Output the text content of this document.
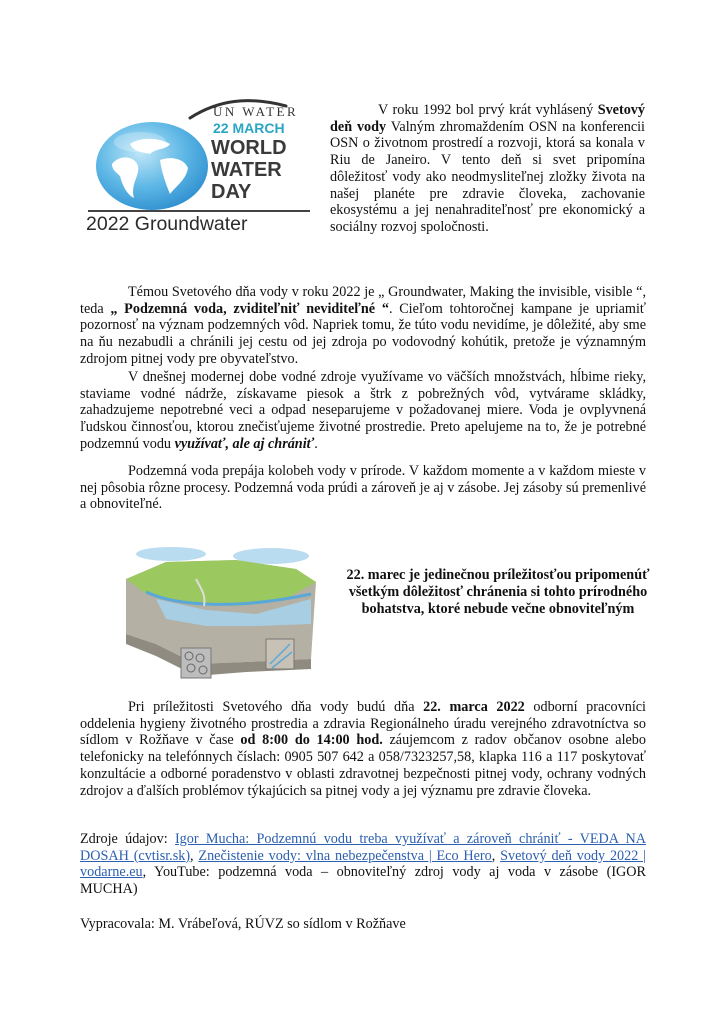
UN WATER
22 MARCH
WORLD
WATER
DAY
2022 Groundwater

V roku 1992 bol prvý krát vyhlásený Svetový deň vody Valným zhromaždením OSN na konferencii OSN o životnom prostredí a rozvoji, ktorá sa konala v Riu de Janeiro. V tento deň si svet pripomína dôležitosť vody ako neodmysliteľnej zložky života na našej planéte pre zdravie človeka, zachovanie ekosystému a jej nenahraditeľnosť pre ekonomický a sociálny rozvoj spoločnosti.

Témou Svetového dňa vody v roku 2022 je „ Groundwater, Making the invisible, visible “, teda „ Podzemná voda, zviditeľniť neviditeľné “. Cieľom tohtoročnej kampane je upriamiť pozornosť na význam podzemných vôd. Napriek tomu, že túto vodu nevidíme, je dôležité, aby sme na ňu nezabudli a chránili jej cestu od jej zdroja po vodovodný kohútik, pretože je významným zdrojom pitnej vody pre obyvateľstvo.

V dnešnej modernej dobe vodné zdroje využívame vo väčších množstvách, hĺbime rieky, staviame vodné nádrže, získavame piesok a štrk z pobrežných vôd, vytvárame skládky, zahadzujeme nepotrebné veci a odpad neseparujeme v požadovanej miere. Voda je ovplyvnená ľudskou činnosťou, ktorou znečisťujeme životné prostredie. Preto apelujeme na to, že je potrebné podzemnú vodu využívať, ale aj chrániť.

Podzemná voda prepája kolobeh vody v prírode. V každom momente a v každom mieste v nej pôsobia rôzne procesy. Podzemná voda prúdi a zároveň je aj v zásobe. Jej zásoby sú premenlivé a obnoviteľné.

22. marec je jedinečnou príležitosťou pripomenúť všetkým dôležitosť chránenia si tohto prírodného bohatstva, ktoré nebude večne obnoviteľným

Pri príležitosti Svetového dňa vody budú dňa 22. marca 2022 odborní pracovníci oddelenia hygieny životného prostredia a zdravia Regionálneho úradu verejného zdravotníctva so sídlom v Rožňave v čase od 8:00 do 14:00 hod. záujemcom z radov občanov osobne alebo telefonicky na telefónnych číslach: 0905 507 642 a 058/7323257,58, klapka 116 a 117 poskytovať konzultácie a odborné poradenstvo v oblasti zdravotnej bezpečnosti pitnej vody, ochrany vodných zdrojov a ďalších problémov týkajúcich sa pitnej vody a jej významu pre zdravie človeka.

Zdroje údajov: Igor Mucha: Podzemnú vodu treba využívať a zároveň chrániť - VEDA NA DOSAH (cvtisr.sk), Znečistenie vody: vlna nebezpečenstva | Eco Hero, Svetový deň vody 2022 | vodarne.eu, YouTube: podzemná voda – obnoviteľný zdroj vody aj voda v zásobe (IGOR MUCHA)

Vypracovala: M. Vrábeľová, RÚVZ so sídlom v Rožňave
